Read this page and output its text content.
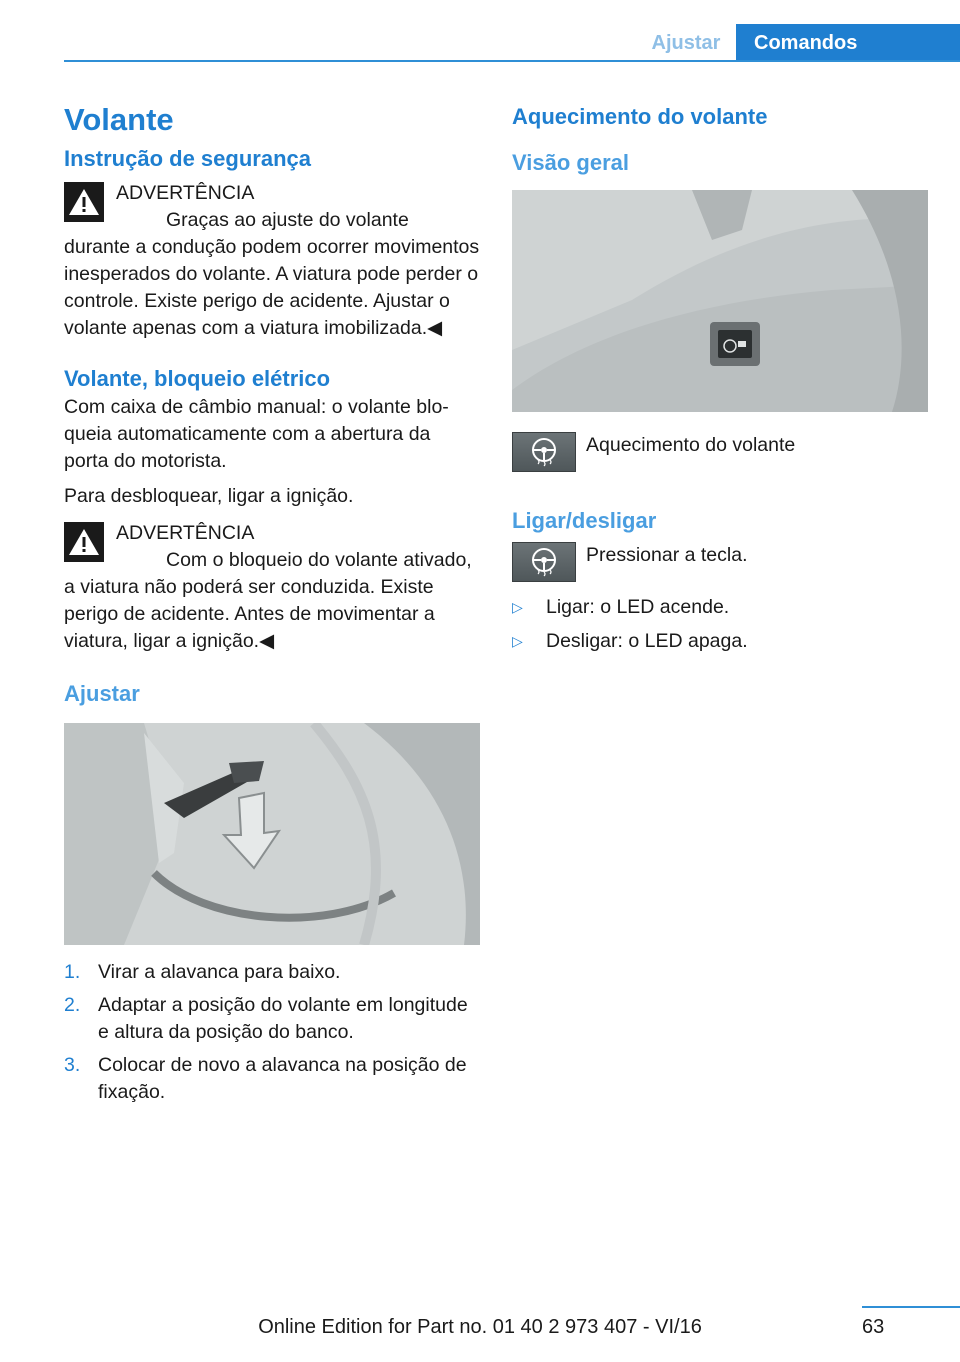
Ajustar	Comandos
Volante
Instrução de segurança

ADVERTÊNCIA

Graças ao ajuste do volante durante a condução podem ocorrer movimentos inesperados do volante. A viatura pode perder o controle. Existe perigo de acidente. Ajustar o volante apenas com a viatura imobilizada.◀

Volante, bloqueio elétrico

Com caixa de câmbio manual: o volante bloqueia automaticamente com a abertura da porta do motorista.

Para desbloquear, ligar a ignição.

ADVERTÊNCIA

Com o bloqueio do volante ativado, a viatura não poderá ser conduzida. Existe perigo de acidente. Antes de movimentar a viatura, ligar a ignição.◀

Ajustar
1. Virar a alavanca para baixo.
2. Adaptar a posição do volante em longitude e altura da posição do banco.
3. Colocar de novo a alavanca na posição de fixação.
Aquecimento do volante
Visão geral

Aquecimento do volante

Ligar/desligar

Pressionar a tecla.

▷	Ligar: o LED acende.
▷	Desligar: o LED apaga.
63
Online Edition for Part no. 01 40 2 973 407 - VI/16
